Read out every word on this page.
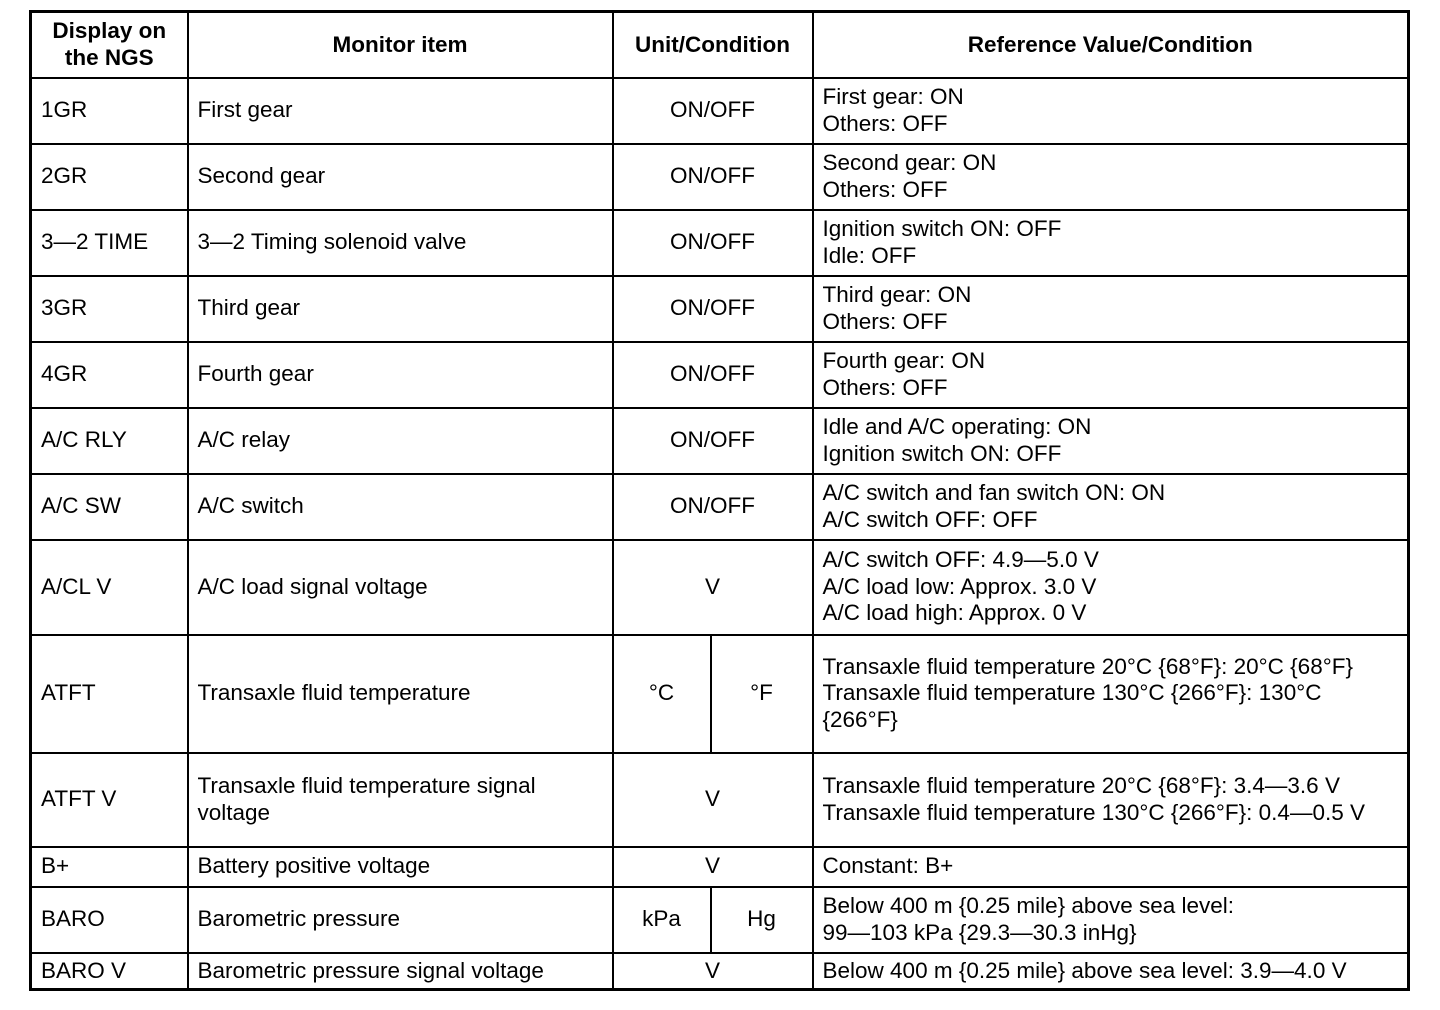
Display on the NGS	Monitor item	Unit/Condition		Reference Value/Condition
1GR	First gear	ON/OFF		First gear: ON
Others: OFF
2GR	Second gear	ON/OFF		Second gear: ON
Others: OFF
3—2 TIME	3—2 Timing solenoid valve	ON/OFF		Ignition switch ON: OFF
Idle: OFF
3GR	Third gear	ON/OFF		Third gear: ON
Others: OFF
4GR	Fourth gear	ON/OFF		Fourth gear: ON
Others: OFF
A/C RLY	A/C relay	ON/OFF		Idle and A/C operating: ON
Ignition switch ON: OFF
A/C SW	A/C switch	ON/OFF		A/C switch and fan switch ON: ON
A/C switch OFF: OFF
A/CL V	A/C load signal voltage	V		A/C switch OFF: 4.9—5.0 V
A/C load low: Approx. 3.0 V
A/C load high: Approx. 0 V
ATFT	Transaxle fluid temperature	°C	°F	Transaxle fluid temperature 20°C {68°F}: 20°C {68°F}
Transaxle fluid temperature 130°C {266°F}: 130°C {266°F}
ATFT V	Transaxle fluid temperature signal voltage	V		Transaxle fluid temperature 20°C {68°F}: 3.4—3.6 V
Transaxle fluid temperature 130°C {266°F}: 0.4—0.5 V
B+	Battery positive voltage	V		Constant: B+
BARO	Barometric pressure	kPa	Hg	Below 400 m {0.25 mile} above sea level:
99—103 kPa {29.3—30.3 inHg}
BARO V	Barometric pressure signal voltage	V		Below 400 m {0.25 mile} above sea level: 3.9—4.0 V
